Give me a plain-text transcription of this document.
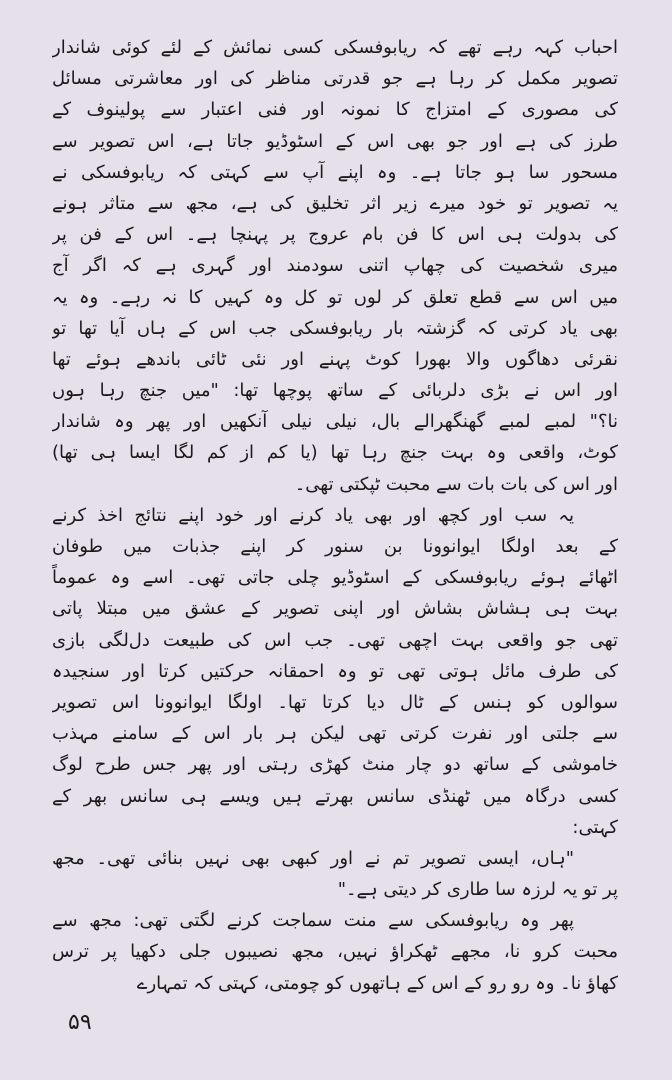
احباب کہہ رہے تھے کہ ریابوفسکی کسی نمائش کے لئے کوئی شاندار
تصویر مکمل کر رہا ہے جو قدرتی مناظر کی اور معاشرتی مسائل
کی مصوری کے امتزاج کا نمونہ اور فنی اعتبار سے پولینوف کے
طرز کی ہے اور جو بھی اس کے اسٹوڈیو جاتا ہے، اس تصویر سے
مسحور سا ہو جاتا ہے۔ وہ اپنے آپ سے کہتی کہ ریابوفسکی نے
یہ تصویر تو خود میرے زیر اثر تخلیق کی ہے، مجھ سے متاثر ہونے
کی بدولت ہی اس کا فن بام عروج پر پہنچا ہے۔ اس کے فن پر
میری شخصیت کی چھاپ اتنی سودمند اور گہری ہے کہ اگر آج
میں اس سے قطع تعلق کر لوں تو کل وہ کہیں کا نہ رہے۔ وہ یہ
بھی یاد کرتی کہ گزشتہ بار ریابوفسکی جب اس کے ہاں آیا تھا تو
نقرئی دھاگوں والا بھورا کوٹ پہنے اور نئی ٹائی باندھے ہوئے تھا
اور اس نے بڑی دلربائی کے ساتھ پوچھا تھا: "میں جنچ رہا ہوں
نا؟" لمبے لمبے گھنگھرالے بال، نیلی نیلی آنکھیں اور پھر وہ شاندار
کوٹ، واقعی وہ بہت جنچ رہا تھا (یا کم از کم لگا ایسا ہی تھا)
اور اس کی بات بات سے محبت ٹپکتی تھی۔
یہ سب اور کچھ اور بھی یاد کرنے اور خود اپنے نتائج اخذ کرنے
کے بعد اولگا ایوانوونا بن سنور کر اپنے جذبات میں طوفان
اٹھائے ہوئے ریابوفسکی کے اسٹوڈیو چلی جاتی تھی۔ اسے وہ عموماً
بہت ہی ہشاش بشاش اور اپنی تصویر کے عشق میں مبتلا پاتی
تھی جو واقعی بہت اچھی تھی۔ جب اس کی طبیعت دل‌لگی بازی
کی طرف مائل ہوتی تھی تو وہ احمقانہ حرکتیں کرتا اور سنجیدہ
سوالوں کو ہنس کے ٹال دیا کرتا تھا۔ اولگا ایوانوونا اس تصویر
سے جلتی اور نفرت کرتی تھی لیکن ہر بار اس کے سامنے مہذب
خاموشی کے ساتھ دو چار منٹ کھڑی رہتی اور پھر جس طرح لوگ
کسی درگاہ میں ٹھنڈی سانس بھرتے ہیں ویسے ہی سانس بھر کے
کہتی:
"ہاں، ایسی تصویر تم نے اور کبھی بھی نہیں بنائی تھی۔ مجھ
پر تو یہ لرزہ سا طاری کر دیتی ہے۔"
پھر وہ ریابوفسکی سے منت سماجت کرنے لگتی تھی: مجھ سے
محبت کرو نا، مجھے ٹھکراؤ نہیں، مجھ نصیبوں جلی دکھیا پر ترس
کھاؤ نا۔ وہ رو رو کے اس کے ہاتھوں کو چومتی، کہتی کہ تمہارے
۵۹
